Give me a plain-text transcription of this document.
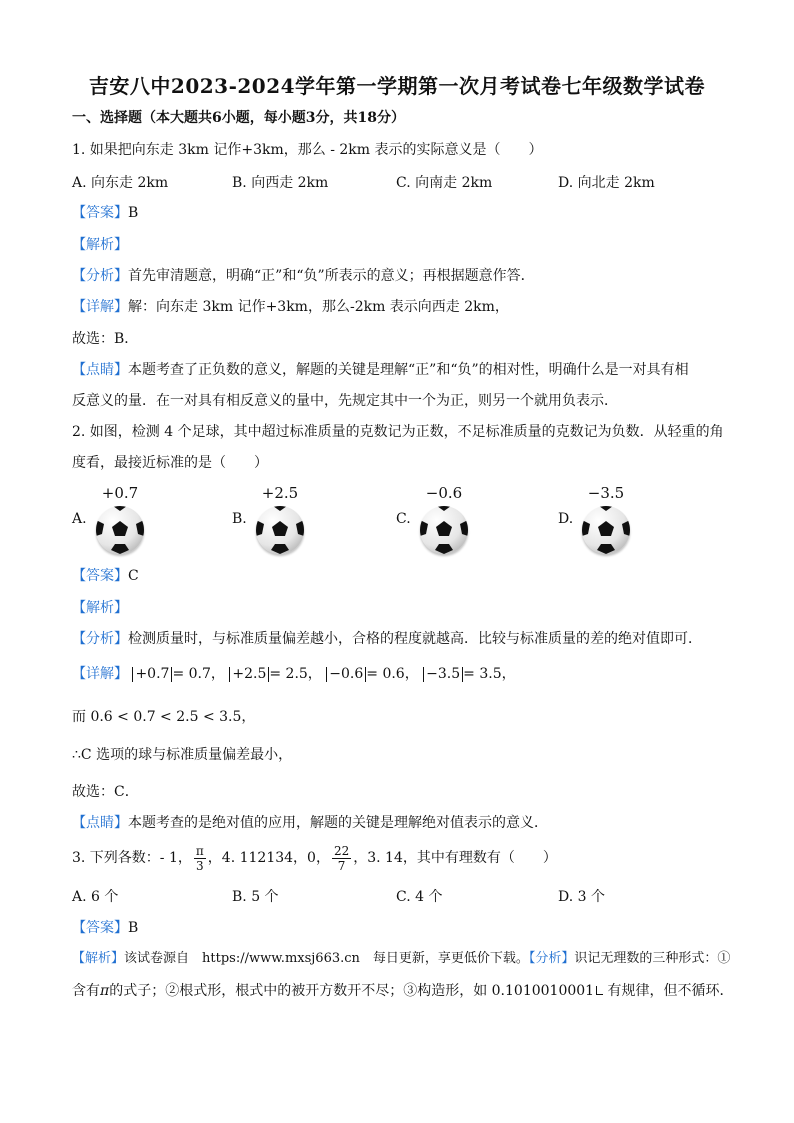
吉安八中2023-2024学年第一学期第一次月考试卷七年级数学试卷
一、选择题（本大题共6小题，每小题3分，共18分）
1. 如果把向东走 3km 记作+3km，那么 - 2km 表示的实际意义是（　　）
A. 向东走 2km	B. 向西走 2km	C. 向南走 2km	D. 向北走 2km
【答案】B
【解析】
【分析】首先审清题意，明确“正”和“负”所表示的意义；再根据题意作答．
【详解】解：向东走 3km 记作+3km，那么-2km 表示向西走 2km，
故选：B．
【点睛】本题考查了正负数的意义，解题的关键是理解“正”和“负”的相对性，明确什么是一对具有相
反意义的量．在一对具有相反意义的量中，先规定其中一个为正，则另一个就用负表示．
2. 如图，检测 4 个足球，其中超过标准质量的克数记为正数，不足标准质量的克数记为负数．从轻重的角
度看，最接近标准的是（　　）
A.
+0.7
B.
+2.5
C.
−0.6
D.
−3.5
【答案】C
【解析】
【分析】检测质量时，与标准质量偏差越小，合格的程度就越高．比较与标准质量的差的绝对值即可．
【详解】 +0.7 = 0.7， +2.5 = 2.5， −0.6 = 0.6， −3.5 = 3.5，
而 0.6 < 0.7 < 2.5 < 3.5，
∴C 选项的球与标准质量偏差最小，
故选：C．
【点睛】本题考查的是绝对值的应用，解题的关键是理解绝对值表示的意义．
3. 下列各数：- 1， $\frac{\pi}{3}$ ，4. 112134，0， $\frac{22}{7}$ ，3. 14，其中有理数有（　　）
A. 6 个	B. 5 个	C. 4 个	D. 3 个
【答案】B
【解析】该试卷源自　https://www.mxsj663.cn　每日更新，享更低价下载。【分析】识记无理数的三种形式：①
含有π的式子；②根式形，根式中的被开方数开不尽；③构造形，如 0.1010010001 有规律，但不循环．
